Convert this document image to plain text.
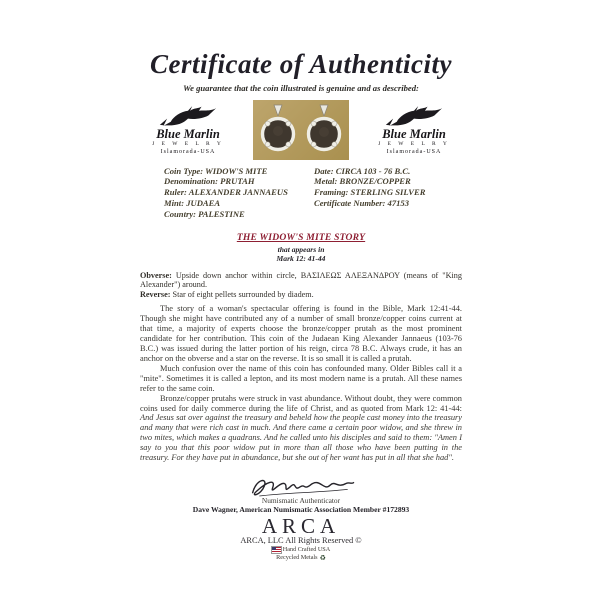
Certificate of Authenticity
We guarantee that the coin illustrated is genuine and as described:
Blue Marlin
J E W E L R Y
Islamorada-USA
Blue Marlin
J E W E L R Y
Islamorada-USA
Coin Type: WIDOW'S MITE
Denomination: PRUTAH
Ruler: ALEXANDER JANNAEUS
Mint: JUDAEA
Country: PALESTINE
Date: CIRCA 103 - 76 B.C.
Metal: BRONZE/COPPER
Framing: STERLING SILVER
Certificate Number: 47153
THE WIDOW'S MITE STORY
that appears in
Mark 12: 41-44
Obverse: Upside down anchor within circle, ΒΑΣΙΛΕΩΣ ΑΛΕΞΑΝΔΡΟΥ (means of "King Alexander") around.
Reverse: Star of eight pellets surrounded by diadem.

The story of a woman's spectacular offering is found in the Bible, Mark 12:41-44. Though she might have contributed any of a number of small bronze/copper coins current at that time, a majority of experts choose the bronze/copper prutah as the most prominent candidate for her contribution. This coin of the Judaean King Alexander Jannaeus (103-76 B.C.) was issued during the latter portion of his reign, circa 78 B.C. Always crude, it has an anchor on the obverse and a star on the reverse. It is so small it is called a prutah.

Much confusion over the name of this coin has confounded many. Older Bibles call it a "mite". Sometimes it is called a lepton, and its most modern name is a prutah. All these names refer to the same coin.

Bronze/copper prutahs were struck in vast abundance. Without doubt, they were common coins used for daily commerce during the life of Christ, and as quoted from Mark 12: 41-44: And Jesus sat over against the treasury and beheld how the people cast money into the treasury and many that were rich cast in much. And there came a certain poor widow, and she threw in two mites, which makes a quadrans. And he called unto his disciples and said to them: "Amen I say to you that this poor widow put in more than all those who have been putting in the treasury. For they have put in abundance, but she out of her want has put in all that she had".

Numismatic Authenticator
Dave Wagner, American Numismatic Association Member #172893
ARCA
ARCA, LLC All Rights Reserved ©
Hand Crafted USA
Recycled Metals ♻
